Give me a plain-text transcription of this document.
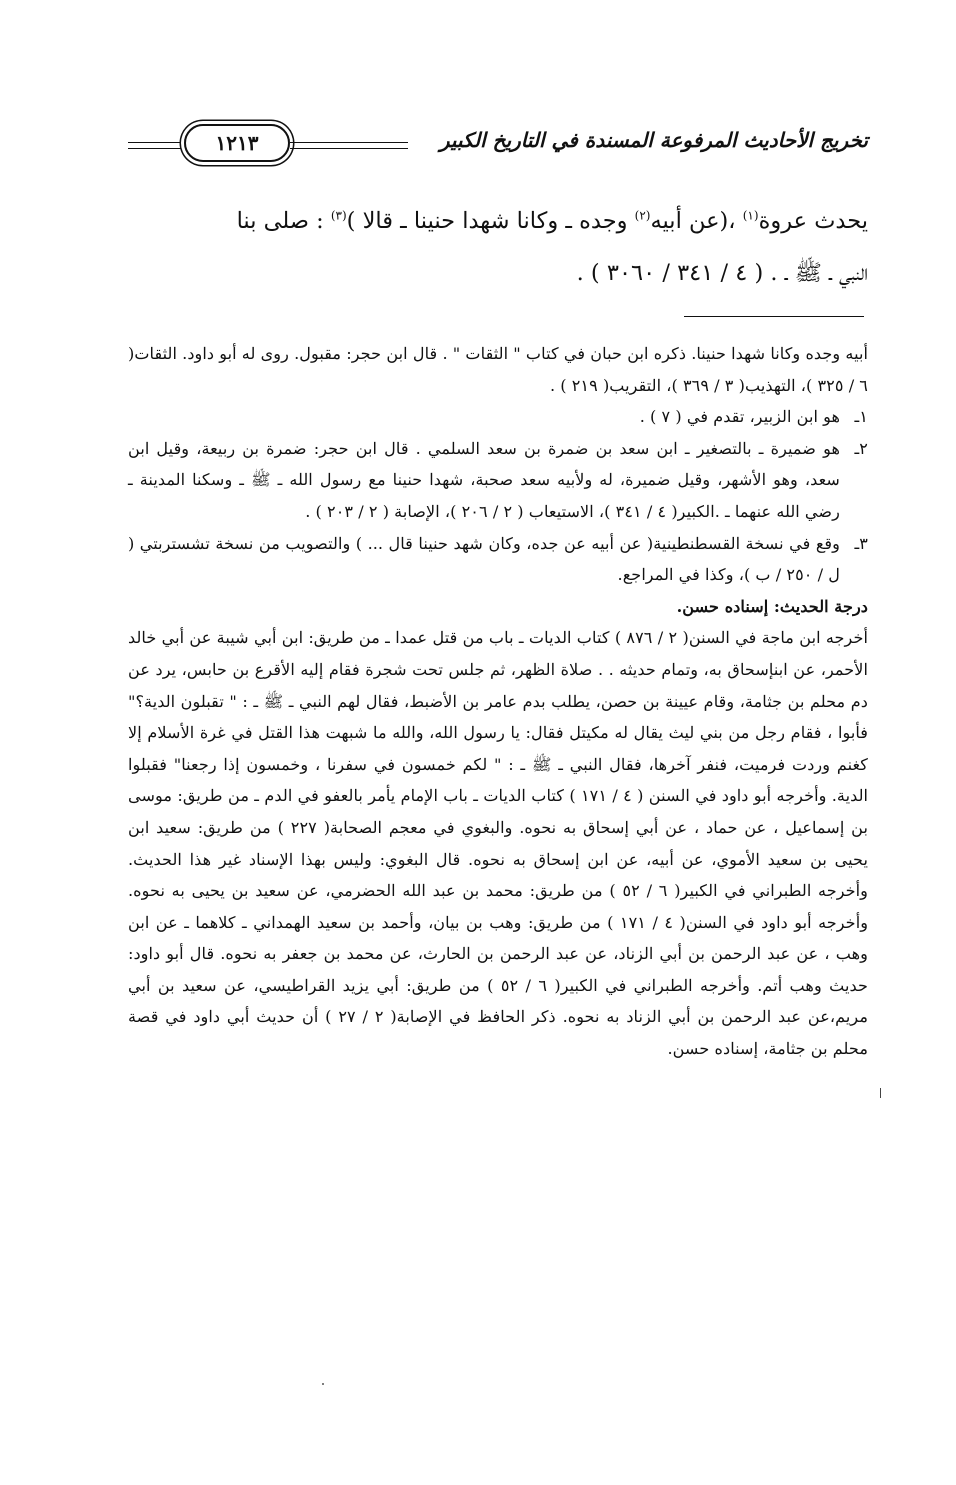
تخريج الأحاديث المرفوعة المسندة في التاريخ الكبير
١٢١٣

يحدث عروة$^{(١)}$ ،(عن أبيه$^{(٢)}$ وجده ـ وكانا شهدا حنينا ـ قالا )$^{(٣)}$ : صلى بنا

النبي ـ ﷺ ـ . ( ٤ / ٣٤١ / ٣٠٦٠ ) .

أبيه وجده وكانا شهدا حنينا. ذكره ابن حبان في كتاب " الثقات " . قال ابن حجر: مقبول. روى له أبو داود. الثقات( ٦ / ٣٢٥ )، التهذيب( ٣ / ٣٦٩ )، التقريب( ٢١٩ ) .

١ـ
هو ابن الزبير، تقدم في ( ٧ ) .
٢ـ
هو ضميرة ـ بالتصغير ـ ابن سعد بن ضمرة بن سعد السلمي . قال ابن حجر: ضمرة بن ربيعة، وقيل ابن سعد، وهو الأشهر، وقيل ضميرة، له ولأبيه سعد صحبة، شهدا حنينا مع رسول الله ـ ﷺ ـ وسكنا المدينة ـ رضي الله عنهما ـ .الكبير( ٤ / ٣٤١ )، الاستيعاب ( ٢ / ٢٠٦ )، الإصابة ( ٢ / ٢٠٣ ) .
٣ـ
وقع في نسخة القسطنطينية( عن أبيه عن جده، وكان شهد حنينا قال ... ) والتصويب من نسخة تشستربتي ( ل / ٢٥٠ / ب )، وكذا في المراجع.

درجة الحديث: إسناده حسن.

أخرجه ابن ماجة في السنن( ٢ / ٨٧٦ ) كتاب الديات ـ باب من قتل عمدا ـ من طريق: ابن أبي شيبة عن أبي خالد الأحمر، عن ابنإسحاق به، وتمام حديثه . . صلاة الظهر، ثم جلس تحت شجرة فقام إليه الأقرع بن حابس، يرد عن دم محلم بن جثامة، وقام عيينة بن حصن، يطلب بدم عامر بن الأضبط، فقال لهم النبي ـ ﷺ ـ : " تقبلون الدية؟" فأبوا ، فقام رجل من بني ليث يقال له مكيتل فقال: يا رسول الله، والله ما شبهت هذا القتل في غرة الأسلام إلا كغنم وردت فرميت، فنفر آخرها، فقال النبي ـ ﷺ ـ : " لكم خمسون في سفرنا ، وخمسون إذا رجعنا" فقبلوا الدية. وأخرجه أبو داود في السنن ( ٤ / ١٧١ ) كتاب الديات ـ باب الإمام يأمر بالعفو في الدم ـ من طريق: موسى بن إسماعيل ، عن حماد ، عن أبي إسحاق به نحوه. والبغوي في معجم الصحابة( ٢٢٧ ) من طريق: سعيد ابن يحيى بن سعيد الأموي، عن أبيه، عن ابن إسحاق به نحوه. قال البغوي: وليس بهذا الإسناد غير هذا الحديث. وأخرجه الطبراني في الكبير( ٦ / ٥٢ ) من طريق: محمد بن عبد الله الحضرمي، عن سعيد بن يحيى به نحوه. وأخرجه أبو داود في السنن( ٤ / ١٧١ ) من طريق: وهب بن بيان، وأحمد بن سعيد الهمداني ـ كلاهما ـ عن ابن وهب ، عن عبد الرحمن بن أبي الزناد، عن عبد الرحمن بن الحارث، عن محمد بن جعفر به نحوه. قال أبو داود: حديث وهب أتم. وأخرجه الطبراني في الكبير( ٦ / ٥٢ ) من طريق: أبي يزيد القراطيسي، عن سعيد بن أبي مريم،عن عبد الرحمن بن أبي الزناد به نحوه. ذكر الحافظ في الإصابة( ٢ / ٢٧ ) أن حديث أبي داود في قصة محلم بن جثامة، إسناده حسن.
